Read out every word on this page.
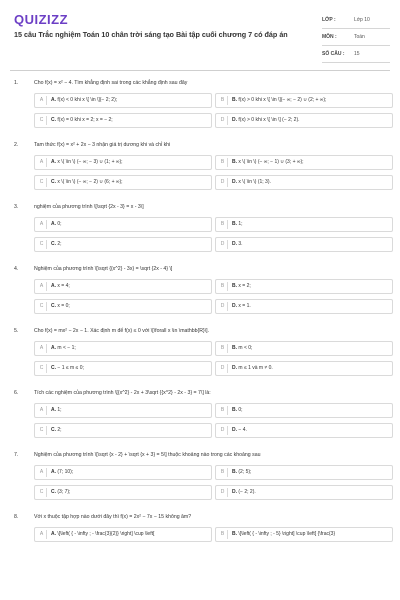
QUIZIZZ
15 câu Trắc nghiệm Toán 10 chân trời sáng tạo Bài tập cuối chương 7 có đáp án
LỚP :	Lớp 10
MÔN :	Toán
SỐ CÂU :	15
1.	Cho f(x) = x² − 4. Tìm khẳng định sai trong các khẳng định sau đây
A	A. f(x) < 0 khi x \[ \in \](− 2; 2);	B	B. f(x) > 0 khi x \[ \in \](− ∞; − 2) ∪ (2; + ∞);
C	C. f(x) = 0 khi x = 2; x = − 2;	D	D. f(x) > 0 khi x \[ \in \] (− 2; 2).
2.	Tam thức f(x) = x² + 2x − 3 nhận giá trị dương khi và chỉ khi
A	A. x \( \in \) (− ∞; − 3) ∪ (1; + ∞);	B	B. x \( \in \) (− ∞; − 1) ∪ (3; + ∞);
C	C. x \( \in \) (− ∞; − 2) ∪ (6; + ∞);	D	D. x \( \in \) (1; 3).
3.	nghiệm của phương trình \[\sqrt {2x - 3} = x - 3\]
A	A. 0;	B	B. 1;
C	C. 2;	D	D. 3.
4.	Nghiệm của phương trình \[\sqrt {{x^2} - 3x} = \sqrt {2x - 4} \]
A	A. x = 4;	B	B. x = 2;
C	C. x = 0;	D	D. x = 1.
5.	Cho f(x) = mx² − 2x − 1. Xác định m để f(x) ≤ 0 với \[\forall x \in \mathbb{R}\].
A	A. m < − 1;	B	B. m < 0;
C	C. − 1 ≤ m ≤ 0;	D	D. m ≤ 1 và m ≠ 0.
6.	Tích các nghiệm của phương trình \[{x^2} - 2x + 3\sqrt {{x^2} - 2x - 3} = 7\] là:
A	A. 1;	B	B. 0;
C	C. 2;	D	D. − 4.
7.	Nghiệm của phương trình \[\sqrt {x - 2} + \sqrt {x + 3} = 5\] thuộc khoảng nào trong các khoảng sau
A	A. (7; 10);	B	B. (2; 5);
C	C. (3; 7);	D	D. (− 2; 2).
8.	Với x thuộc tập hợp nào dưới đây thì f(x) = 2x² − 7x − 15 không âm?
A	A. \[\left( { - \infty ; - \frac{3}{2}} \right] \cup \left[	B	B. \[\left( { - \infty ; - 5} \right] \cup \left[ {\frac{3}
